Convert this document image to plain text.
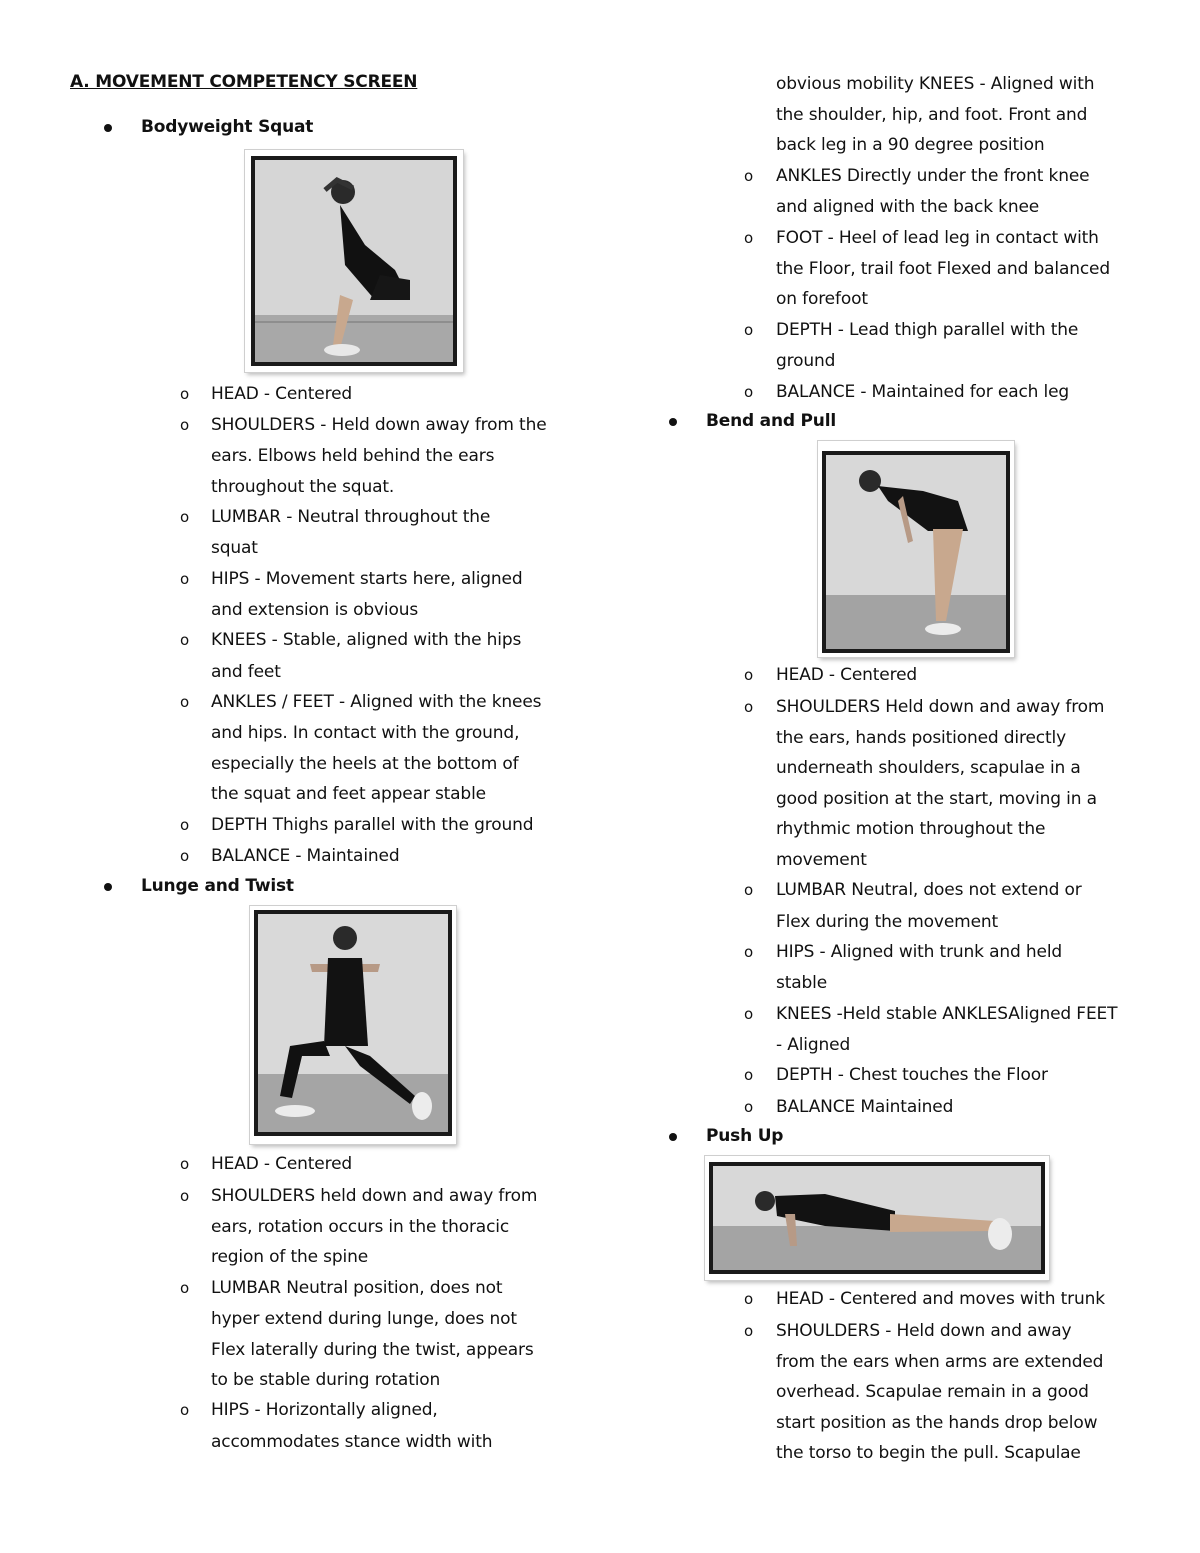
A. MOVEMENT COMPETENCY SCREEN
Bodyweight Squat
o HEAD - Centered
o SHOULDERS - Held down away from the
ears. Elbows held behind the ears
throughout the squat.
o LUMBAR - Neutral throughout the
squat
o HIPS - Movement starts here, aligned
and extension is obvious
o KNEES - Stable, aligned with the hips
and feet
o ANKLES / FEET - Aligned with the knees
and hips. In contact with the ground,
especially the heels at the bottom of
the squat and feet appear stable
o DEPTH Thighs parallel with the ground
o BALANCE - Maintained
Lunge and Twist
o HEAD - Centered
o SHOULDERS held down and away from
ears, rotation occurs in the thoracic
region of the spine
o LUMBAR Neutral position, does not
hyper extend during lunge, does not
Flex laterally during the twist, appears
to be stable during rotation
o HIPS - Horizontally aligned,
accommodates stance width with
obvious mobility KNEES - Aligned with
the shoulder, hip, and foot. Front and
back leg in a 90 degree position
o ANKLES Directly under the front knee
and aligned with the back knee
o FOOT - Heel of lead leg in contact with
the Floor, trail foot Flexed and balanced
on forefoot
o DEPTH - Lead thigh parallel with the
ground
o BALANCE - Maintained for each leg
Bend and Pull
o HEAD - Centered
o SHOULDERS Held down and away from
the ears, hands positioned directly
underneath shoulders, scapulae in a
good position at the start, moving in a
rhythmic motion throughout the
movement
o LUMBAR Neutral, does not extend or
Flex during the movement
o HIPS - Aligned with trunk and held
stable
o KNEES -Held stable ANKLESAligned FEET
- Aligned
o DEPTH - Chest touches the Floor
o BALANCE Maintained
Push Up
o HEAD - Centered and moves with trunk
o SHOULDERS - Held down and away
from the ears when arms are extended
overhead. Scapulae remain in a good
start position as the hands drop below
the torso to begin the pull. Scapulae
